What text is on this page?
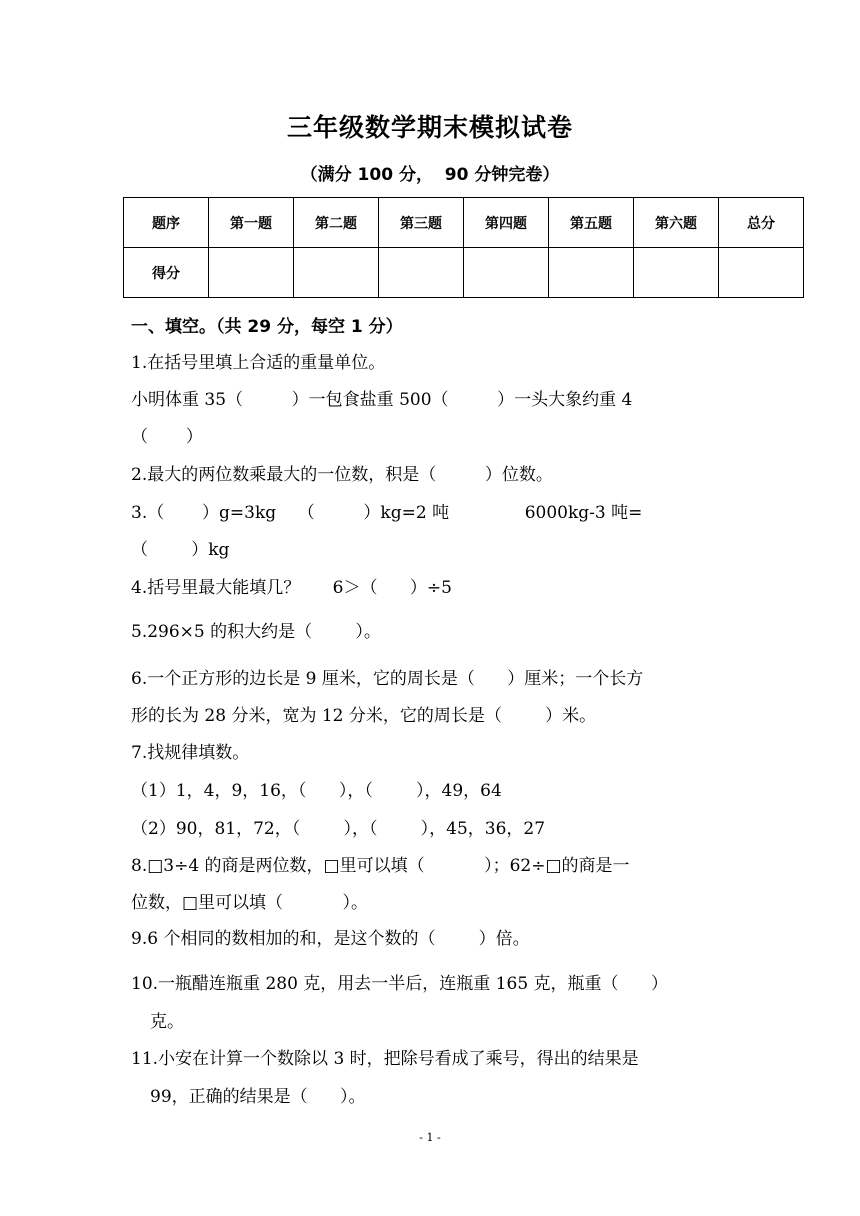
三年级数学期末模拟试卷
（满分 100 分，  90 分钟完卷）
题序	第一题	第二题	第三题	第四题	第五题	第六题	总分
得分							
一、填空。（共 29 分，每空 1 分）
1.在括号里填上合适的重量单位。
小明体重 35（         ）一包食盐重 500（         ）一头大象约重 4
（       ）
2.最大的两位数乘最大的一位数，积是（         ）位数。
3.（       ）g=3kg    （         ）kg=2 吨              6000kg-3 吨=
（        ）kg
4.括号里最大能填几？      6＞（      ）÷5
5.296×5 的积大约是（        ）。
6.一个正方形的边长是 9 厘米，它的周长是（      ）厘米；一个长方
形的长为 28 分米，宽为 12 分米，它的周长是（        ）米。
7.找规律填数。
（1）1，4，9，16，（      ），（        ），49，64
（2）90，81，72，（        ），（        ），45，36，27
8.□3÷4 的商是两位数，□里可以填（           ）；62÷□的商是一
位数，□里可以填（           ）。
9.6 个相同的数相加的和，是这个数的（        ）倍。
10.一瓶醋连瓶重 280 克，用去一半后，连瓶重 165 克，瓶重（      ）
克。
11.小安在计算一个数除以 3 时，把除号看成了乘号，得出的结果是
99，正确的结果是（      ）。
- 1 -
